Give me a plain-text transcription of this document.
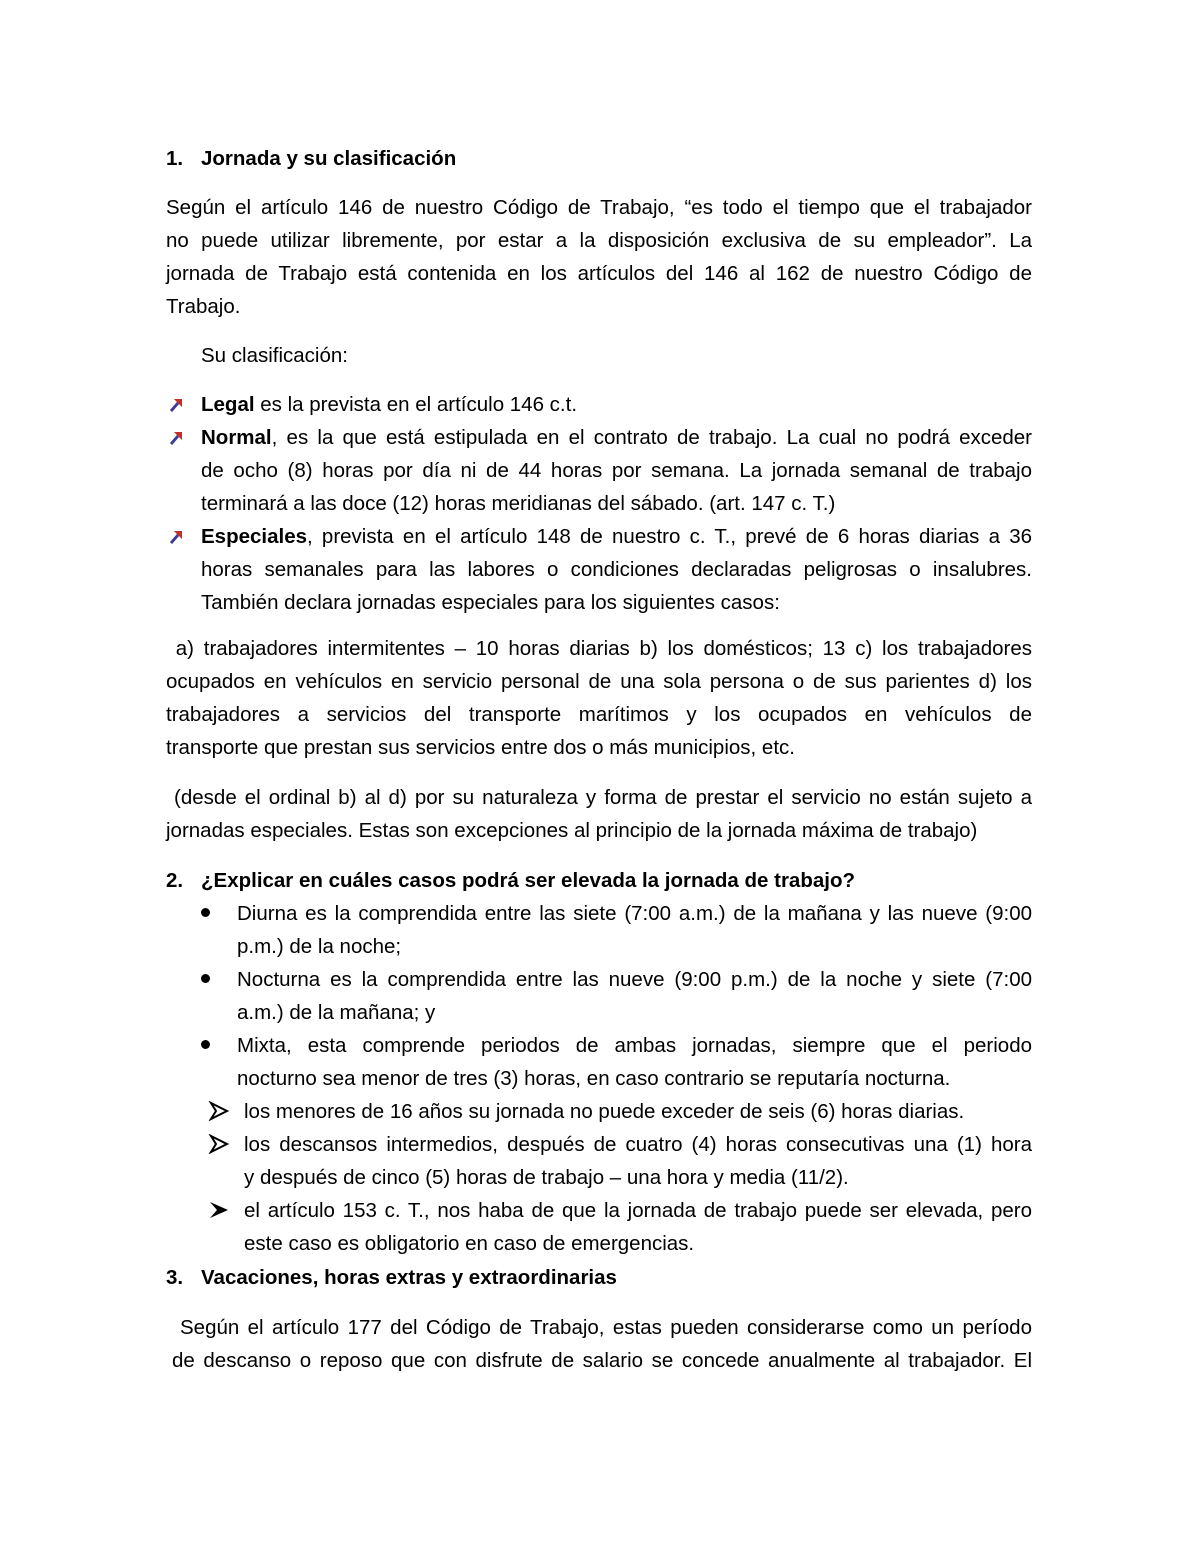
1. Jornada y su clasificación
Según el artículo 146 de nuestro Código de Trabajo, “es todo el tiempo que el trabajador
no puede utilizar libremente, por estar a la disposición exclusiva de su empleador”. La
jornada de Trabajo está contenida en los artículos del 146 al 162 de nuestro Código de
Trabajo.
Su clasificación:
Legal es la prevista en el artículo 146 c.t.
Normal, es la que está estipulada en el contrato de trabajo. La cual no podrá exceder
de ocho (8) horas por día ni de 44 horas por semana. La jornada semanal de trabajo
terminará a las doce (12) horas meridianas del sábado. (art. 147 c. T.)
Especiales, prevista en el artículo 148 de nuestro c. T., prevé de 6 horas diarias a 36
horas semanales para las labores o condiciones declaradas peligrosas o insalubres.
También declara jornadas especiales para los siguientes casos:
a) trabajadores intermitentes – 10 horas diarias b) los domésticos; 13 c) los trabajadores
ocupados en vehículos en servicio personal de una sola persona o de sus parientes d) los
trabajadores a servicios del transporte marítimos y los ocupados en vehículos de
transporte que prestan sus servicios entre dos o más municipios, etc.
(desde el ordinal b) al d) por su naturaleza y forma de prestar el servicio no están sujeto a
jornadas especiales. Estas son excepciones al principio de la jornada máxima de trabajo)
2. ¿Explicar en cuáles casos podrá ser elevada la jornada de trabajo?
Diurna es la comprendida entre las siete (7:00 a.m.) de la mañana y las nueve (9:00
p.m.) de la noche;
Nocturna es la comprendida entre las nueve (9:00 p.m.) de la noche y siete (7:00
a.m.) de la mañana; y
Mixta, esta comprende periodos de ambas jornadas, siempre que el periodo
nocturno sea menor de tres (3) horas, en caso contrario se reputaría nocturna.
los menores de 16 años su jornada no puede exceder de seis (6) horas diarias.
los descansos intermedios, después de cuatro (4) horas consecutivas una (1) hora
y después de cinco (5) horas de trabajo – una hora y media (11/2).
el artículo 153 c. T., nos haba de que la jornada de trabajo puede ser elevada, pero
este caso es obligatorio en caso de emergencias.
3. Vacaciones, horas extras y extraordinarias
Según el artículo 177 del Código de Trabajo, estas pueden considerarse como un período
de descanso o reposo que con disfrute de salario se concede anualmente al trabajador. El
